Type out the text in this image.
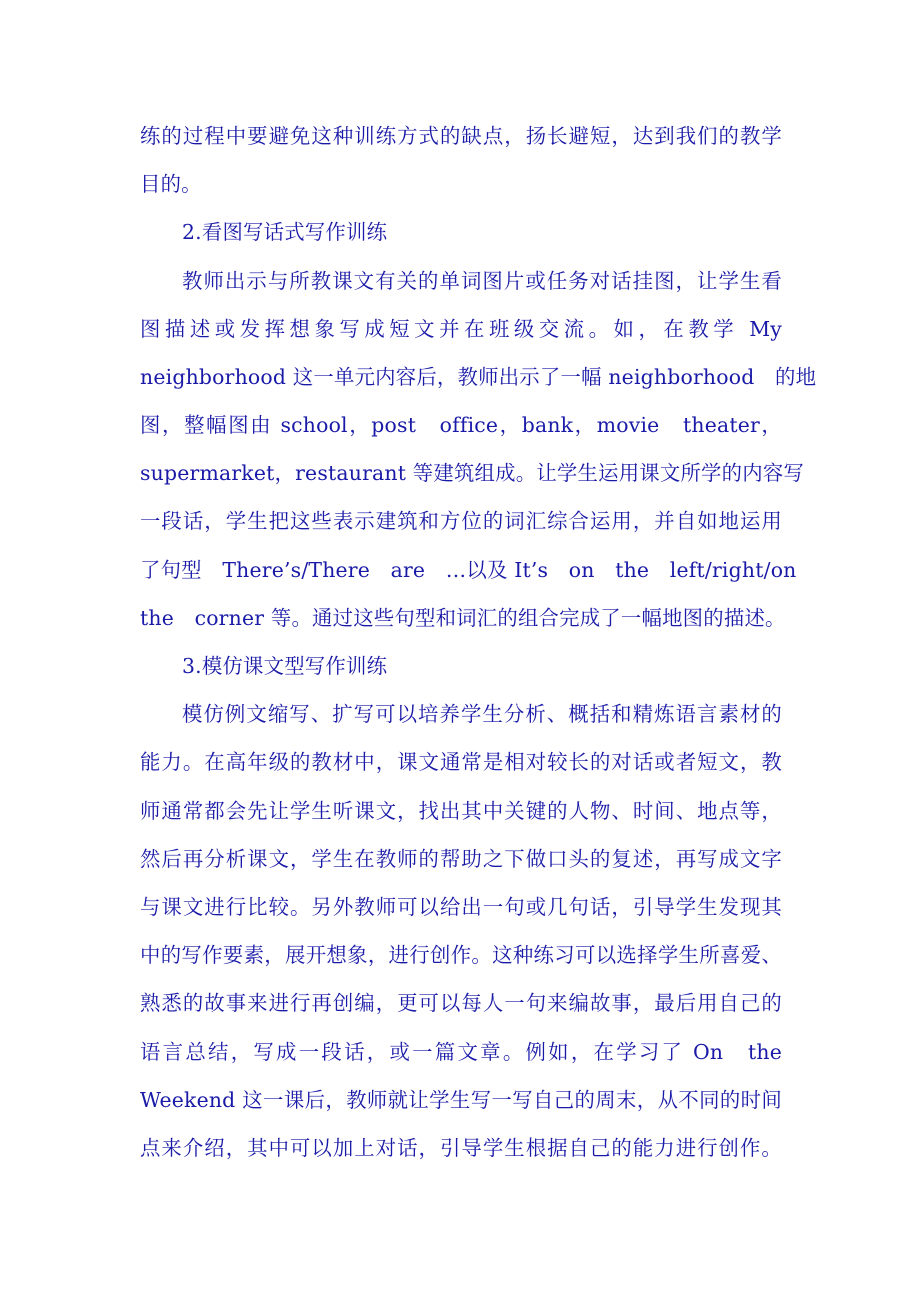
练的过程中要避免这种训练方式的缺点，扬长避短，达到我们的教学
目的。
2.看图写话式写作训练
教师出示与所教课文有关的单词图片或任务对话挂图，让学生看
图描述或发挥想象写成短文并在班级交流。如，在教学 My
neighborhood 这一单元内容后，教师出示了一幅 neighborhood　的地
图，整幅图由 school，post　office，bank，movie　theater，
supermarket，restaurant 等建筑组成。让学生运用课文所学的内容写
一段话，学生把这些表示建筑和方位的词汇综合运用，并自如地运用
了句型　There’s/There　are　…以及 It’s　on　the　left/right/on
the　corner 等。通过这些句型和词汇的组合完成了一幅地图的描述。
3.模仿课文型写作训练
模仿例文缩写、扩写可以培养学生分析、概括和精炼语言素材的
能力。在高年级的教材中，课文通常是相对较长的对话或者短文，教
师通常都会先让学生听课文，找出其中关键的人物、时间、地点等，
然后再分析课文，学生在教师的帮助之下做口头的复述，再写成文字
与课文进行比较。另外教师可以给出一句或几句话，引导学生发现其
中的写作要素，展开想象，进行创作。这种练习可以选择学生所喜爱、
熟悉的故事来进行再创编，更可以每人一句来编故事，最后用自己的
语言总结，写成一段话，或一篇文章。例如，在学习了 On　the
Weekend 这一课后，教师就让学生写一写自己的周末，从不同的时间
点来介绍，其中可以加上对话，引导学生根据自己的能力进行创作。
